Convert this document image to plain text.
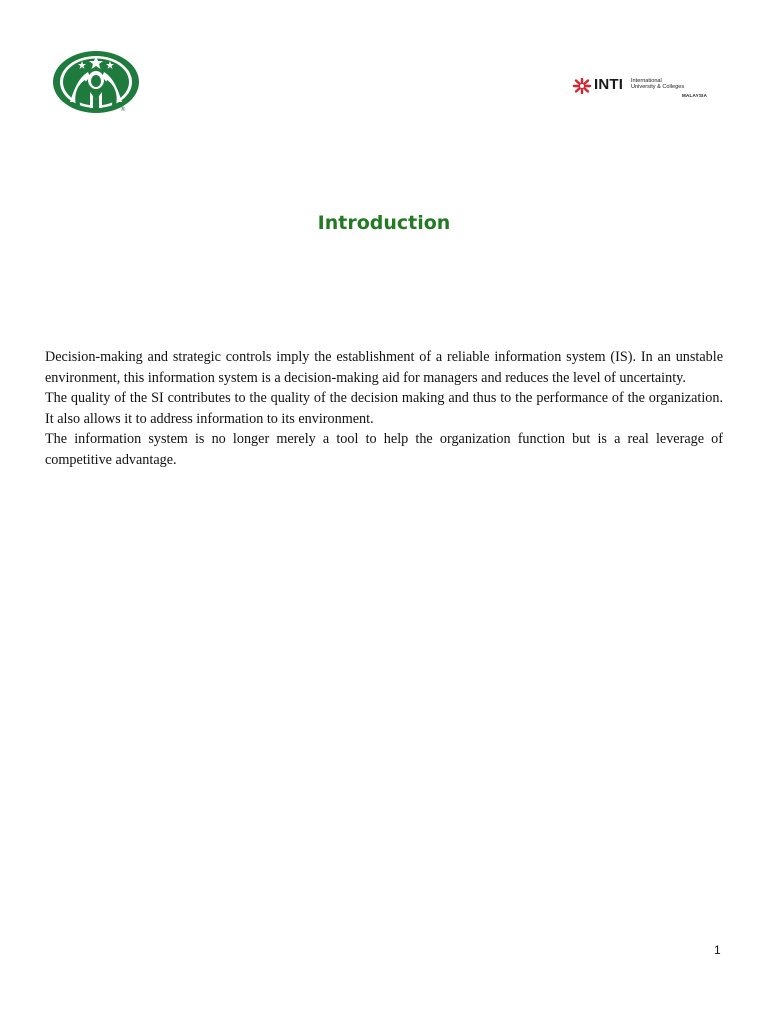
®
INTI International
University & Colleges
MALAYSIA
Introduction

Decision-making and strategic controls imply the establishment of a reliable information system (IS). In an unstable environment, this information system is a decision-making aid for managers and reduces the level of uncertainty.

The quality of the SI contributes to the quality of the decision making and thus to the performance of the organization. It also allows it to address information to its environment.

The information system is no longer merely a tool to help the organization function but is a real leverage of competitive advantage.

1
